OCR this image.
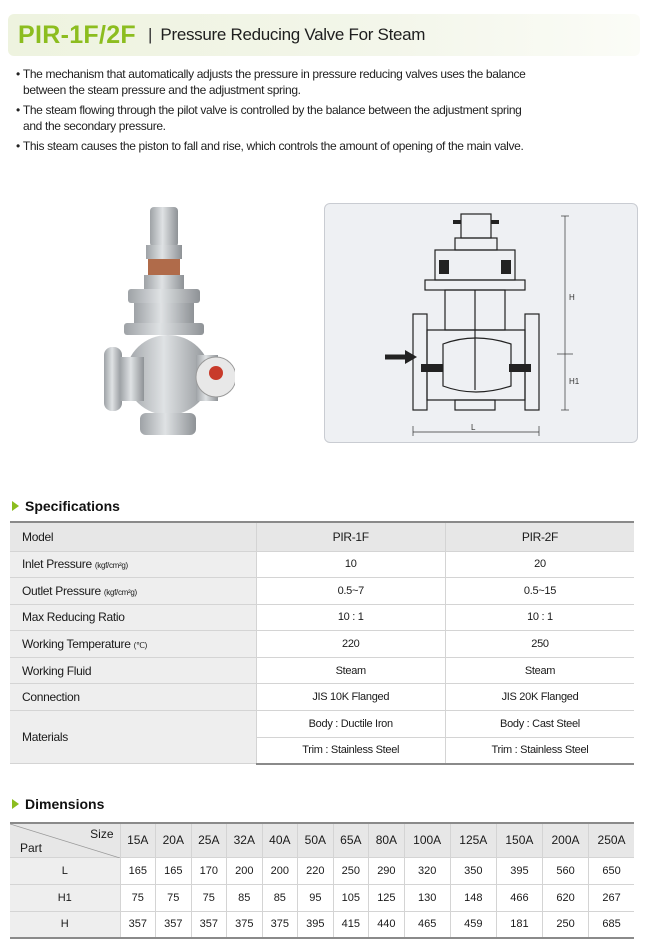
PIR-1F/2F | Pressure Reducing Valve For Steam
• The mechanism that automatically adjusts the pressure in pressure reducing valves uses the balance between the steam pressure and the adjustment spring.
• The steam flowing through the pilot valve is controlled by the balance between the adjustment spring and the secondary pressure.
• This steam causes the piston to fall and rise, which controls the amount of opening of the main valve.
H
H1
L
Specifications
Model	PIR-1F	PIR-2F
Inlet Pressure (kgf/cm²g)	10	20
Outlet Pressure (kgf/cm²g)	0.5~7	0.5~15
Max Reducing Ratio	10 : 1	10 : 1
Working Temperature (℃)	220	250
Working Fluid	Steam	Steam
Connection	JIS 10K Flanged	JIS 20K Flanged
Materials	Body : Ductile Iron	Body : Cast Steel
	Trim : Stainless Steel	Trim : Stainless Steel
Dimensions
Size
Part	15A	20A	25A	32A	40A	50A	65A	80A	100A	125A	150A	200A	250A
L	165	165	170	200	200	220	250	290	320	350	395	560	650
H1	75	75	75	85	85	95	105	125	130	148	466	620	267
H	357	357	357	375	375	395	415	440	465	459	181	250	685
